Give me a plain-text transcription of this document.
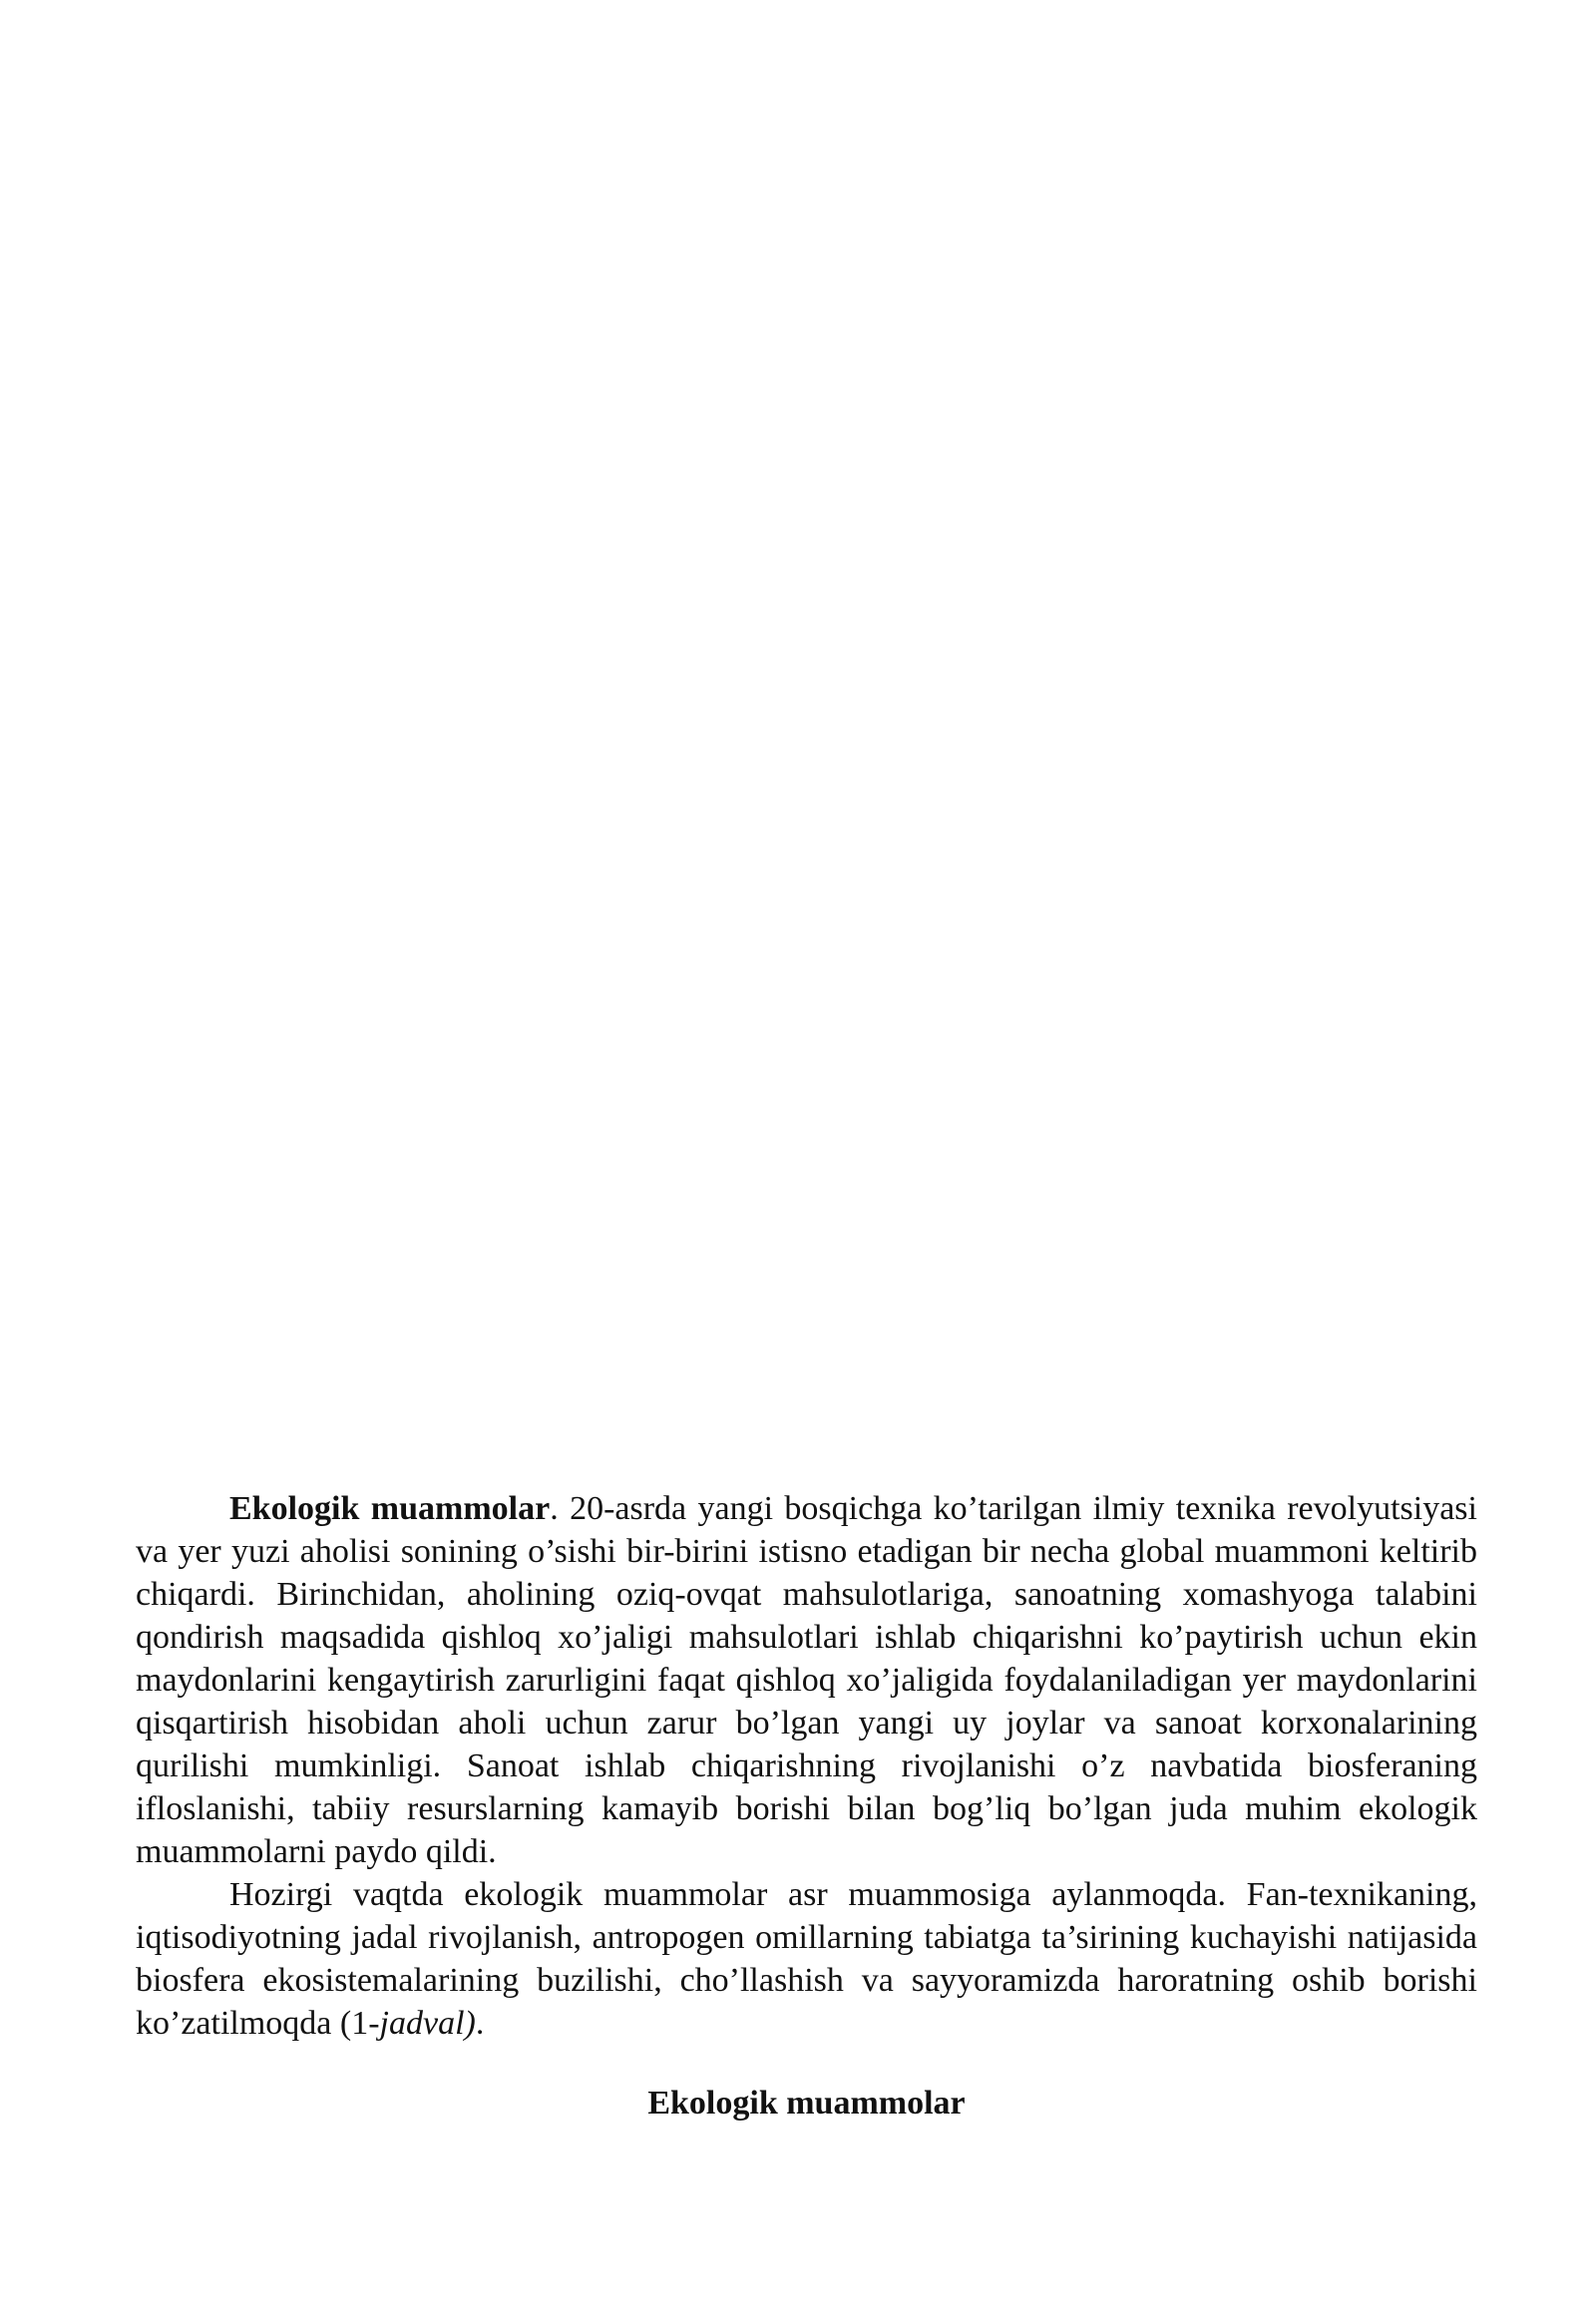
Ekologik muammolar. 20-asrda yangi bosqichga ko’tarilgan ilmiy texnika revolyutsiyasi va yer yuzi aholisi sonining o’sishi bir-birini istisno etadigan bir necha global muammoni keltirib chiqardi. Birinchidan, aholining oziq-ovqat mahsulotlariga, sanoatning xomashyoga talabini qondirish maqsadida qishloq xo’jaligi mahsulotlari ishlab chiqarishni ko’paytirish uchun ekin maydonlarini kengaytirish zarurligini faqat qishloq xo’jaligida foydalaniladigan yer maydonlarini qisqartirish hisobidan aholi uchun zarur bo’lgan yangi uy joylar va sanoat korxonalarining qurilishi mumkinligi. Sanoat ishlab chiqarishning rivojlanishi o’z navbatida biosferaning ifloslanishi, tabiiy resurslarning kamayib borishi bilan bog’liq bo’lgan juda muhim ekologik muammolarni paydo qildi.

Hozirgi vaqtda ekologik muammolar asr muammosiga aylanmoqda. Fan-texnikaning, iqtisodiyotning jadal rivojlanish, antropogen omillarning tabiatga ta’sirining kuchayishi natijasida biosfera ekosistemalarining buzilishi, cho’llashish va sayyoramizda haroratning oshib borishi ko’zatilmoqda (1-jadval).

Ekologik muammolar
